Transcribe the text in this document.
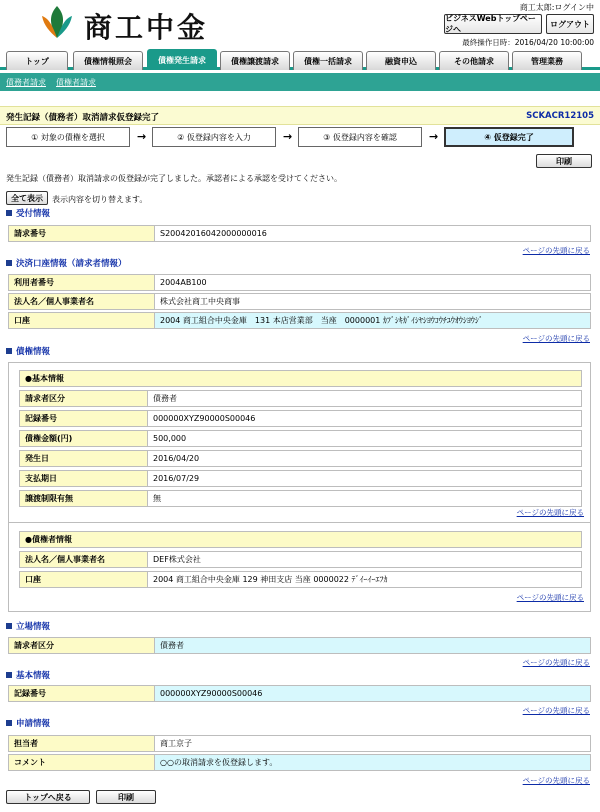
商工中金
商工太郎:ログイン中
ビジネスWebトップページへ
ログアウト
最終操作日時：2016/04/20 10:00:00
トップ	債権情報照会	債権発生請求	債権譲渡請求	債権一括請求	融資申込	その他請求	管理業務
債務者請求 債権者請求
発生記録（債務者）取消請求仮登録完了	SCKACR12105
① 対象の債権を選択	→	② 仮登録内容を入力	→	③ 仮登録内容を確認	→	④ 仮登録完了
印刷
発生記録（債務者）取消請求の仮登録が完了しました。承認者による承認を受けてください。
全て表示	表示内容を切り替えます。
受付情報
請求番号	S20042016042000000016
ページの先頭に戻る
決済口座情報（請求者情報）
利用者番号	2004AB100
法人名／個人事業者名	株式会社商工中央商事
口座	2004 商工組合中央金庫　131 本店営業部　当座　0000001 ｶﾌﾞｼｷｶﾞｲｼﾔｼﾖｳｺｳﾁﾕｳｵｳｼﾖｳｼﾞ
ページの先頭に戻る
債権情報
●基本情報
請求者区分	債務者
記録番号	000000XYZ90000S00046
債権金額(円)	500,000
発生日	2016/04/20
支払期日	2016/07/29
譲渡制限有無	無
ページの先頭に戻る
●債権者情報
法人名／個人事業者名	DEF株式会社
口座	2004 商工組合中央金庫 129 神田支店 当座 0000022 ﾃﾞｲｰｲｰｴﾌｶ
ページの先頭に戻る
立場情報
請求者区分	債務者
ページの先頭に戻る
基本情報
記録番号	000000XYZ90000S00046
ページの先頭に戻る
申請情報
担当者	商工京子
コメント	○○の取消請求を仮登録します。
ページの先頭に戻る
トップへ戻る	印刷
